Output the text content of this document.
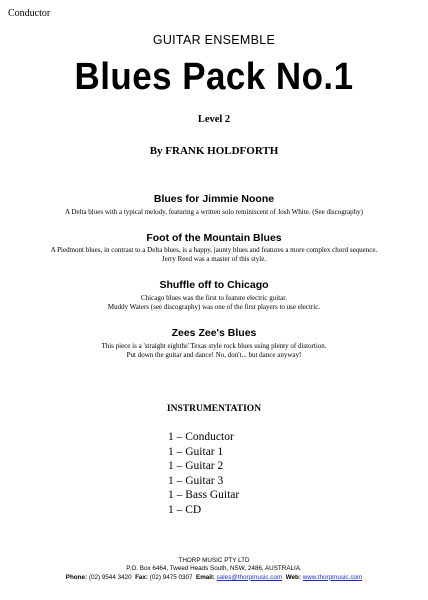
Conductor
GUITAR ENSEMBLE
Blues Pack No.1
Level 2
By FRANK HOLDFORTH
Blues for Jimmie Noone
A Delta blues with a typical melody, featuring a written solo reminiscent of Josh White. (See discography)
Foot of the Mountain Blues
A Piedmont blues, in contrast to a Delta blues, is a happy, jaunty blues and features a more complex chord sequence.
Jerry Reed was a master of this style.
Shuffle off to Chicago
Chicago blues was the first to feature electric guitar.
Muddy Waters (see discography) was one of the first players to use electric.
Zees Zee's Blues
This piece is a 'straight eighths' Texas style rock blues using plenty of distortion.
Put down the guitar and dance! No, don't... but dance anyway!
INSTRUMENTATION
1 – Conductor
1 – Guitar 1
1 – Guitar 2
1 – Guitar 3
1 – Bass Guitar
1 – CD
THORP MUSIC PTY LTD
P.O. Box 6464, Tweed Heads South, NSW, 2486, AUSTRALIA.
Phone: (02) 9544 3420 Fax: (02) 9475 0307 Email: sales@thorpmusic.com Web: www.thorpmusic.com
